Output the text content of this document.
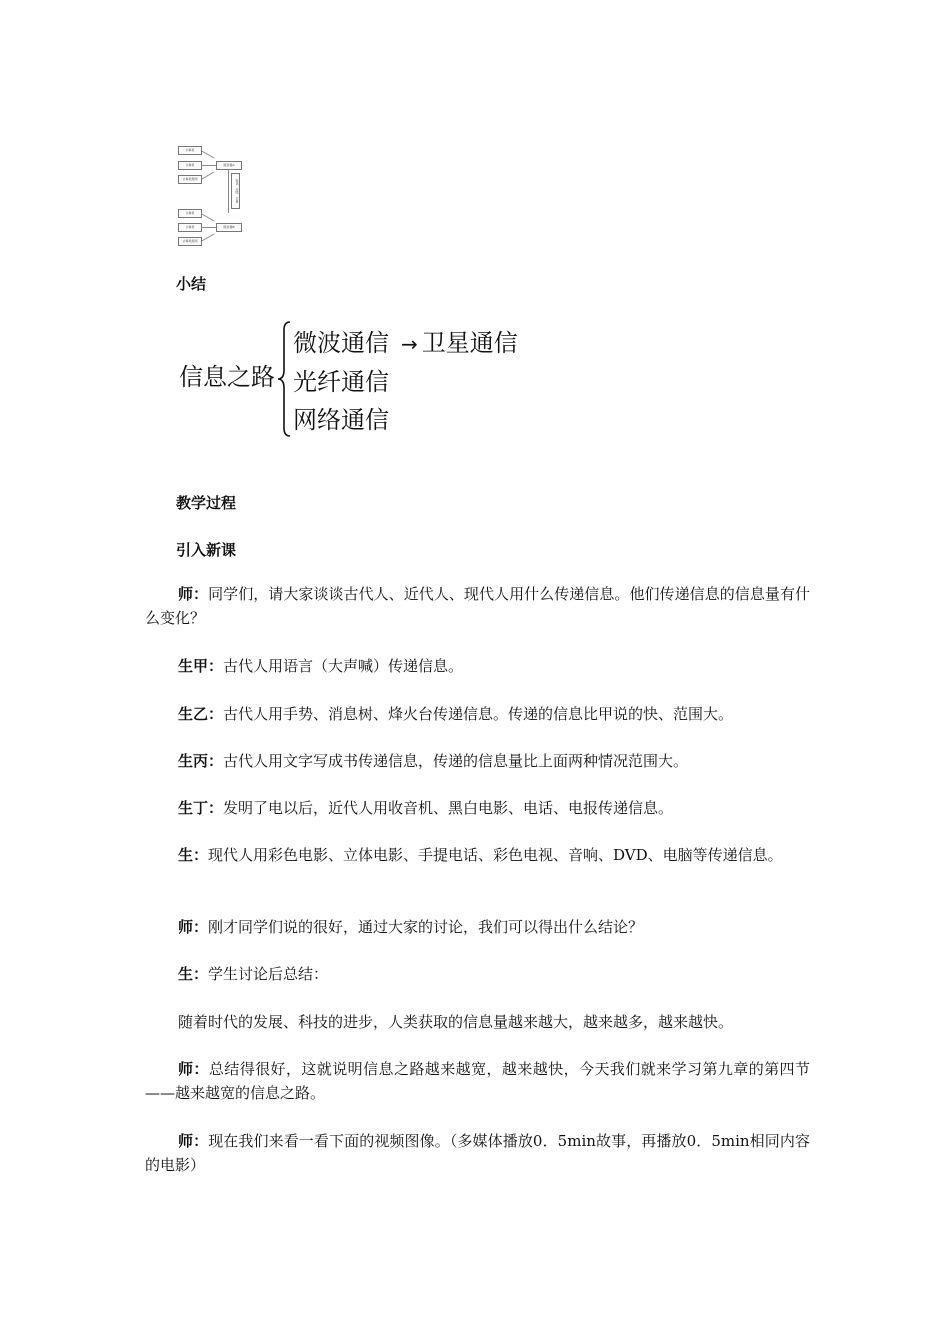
计算机
计算机
计算机组网
服务器A
电话、光缆、卫星
计算机
计算机
计算机组网
服务器B
小结
信息之路
微波通信 → 卫星通信
光纤通信
网络通信
教学过程
引入新课
师：同学们，请大家谈谈古代人、近代人、现代人用什么传递信息。他们传递信息的信息量有什么变化？
生甲：古代人用语言（大声喊）传递信息。
生乙：古代人用手势、消息树、烽火台传递信息。传递的信息比甲说的快、范围大。
生丙：古代人用文字写成书传递信息，传递的信息量比上面两种情况范围大。
生丁：发明了电以后，近代人用收音机、黑白电影、电话、电报传递信息。
生：现代人用彩色电影、立体电影、手提电话、彩色电视、音响、DVD、电脑等传递信息。
师：刚才同学们说的很好，通过大家的讨论，我们可以得出什么结论？
生：学生讨论后总结：
随着时代的发展、科技的进步，人类获取的信息量越来越大，越来越多，越来越快。
师：总结得很好，这就说明信息之路越来越宽，越来越快，今天我们就来学习第九章的第四节——越来越宽的信息之路。
师：现在我们来看一看下面的视频图像。（多媒体播放0．5min故事，再播放0．5min相同内容的电影）
